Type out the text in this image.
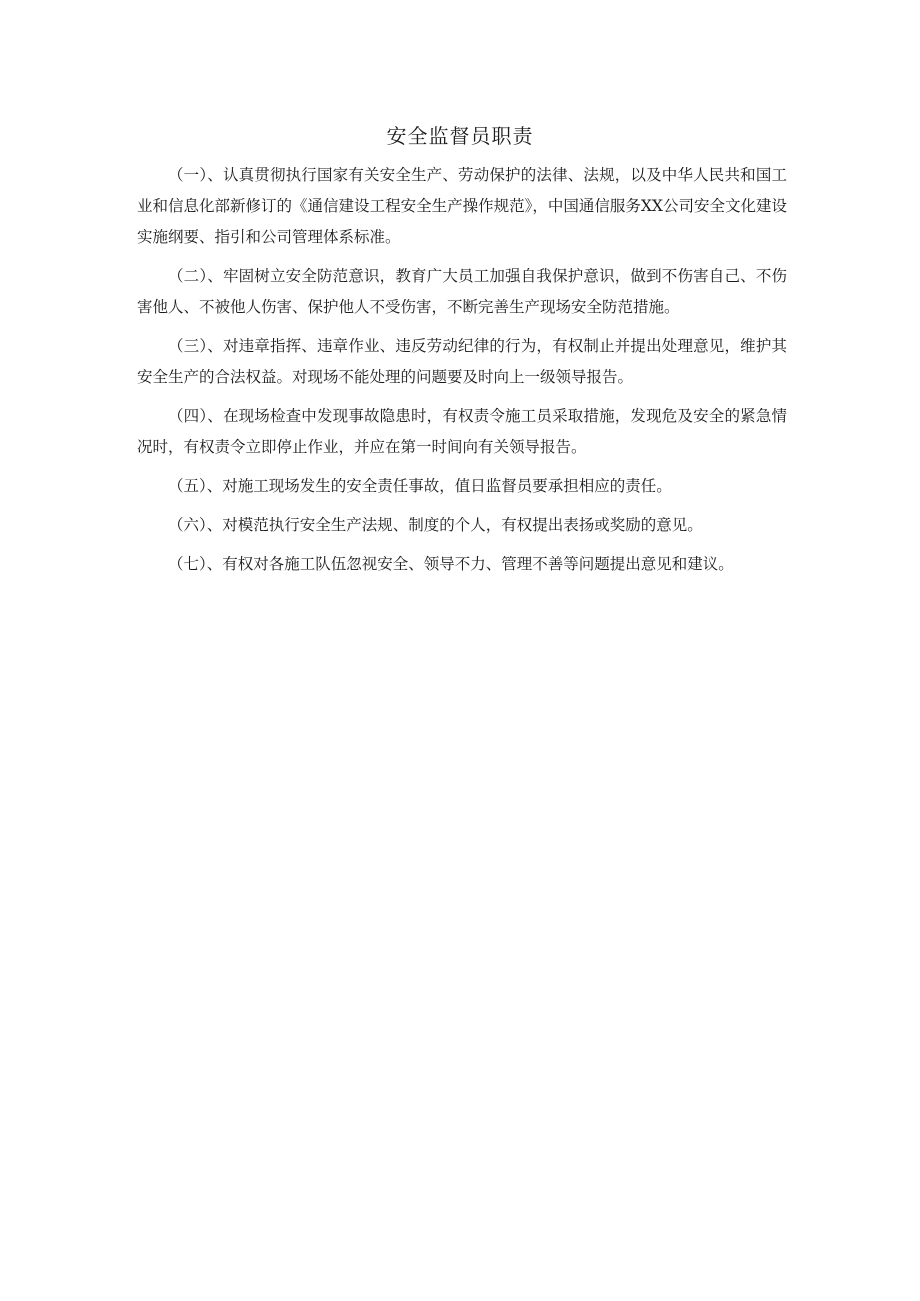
安全监督员职责

（一）、认真贯彻执行国家有关安全生产、劳动保护的法律、法规，以及中华人民共和国工业和信息化部新修订的《通信建设工程安全生产操作规范》，中国通信服务XX公司安全文化建设实施纲要、指引和公司管理体系标准。

（二）、牢固树立安全防范意识，教育广大员工加强自我保护意识，做到不伤害自己、不伤害他人、不被他人伤害、保护他人不受伤害，不断完善生产现场安全防范措施。

（三）、对违章指挥、违章作业、违反劳动纪律的行为，有权制止并提出处理意见，维护其安全生产的合法权益。对现场不能处理的问题要及时向上一级领导报告。

（四）、在现场检查中发现事故隐患时，有权责令施工员采取措施，发现危及安全的紧急情况时，有权责令立即停止作业，并应在第一时间向有关领导报告。

（五）、对施工现场发生的安全责任事故，值日监督员要承担相应的责任。

（六）、对模范执行安全生产法规、制度的个人，有权提出表扬或奖励的意见。

（七）、有权对各施工队伍忽视安全、领导不力、管理不善等问题提出意见和建议。
